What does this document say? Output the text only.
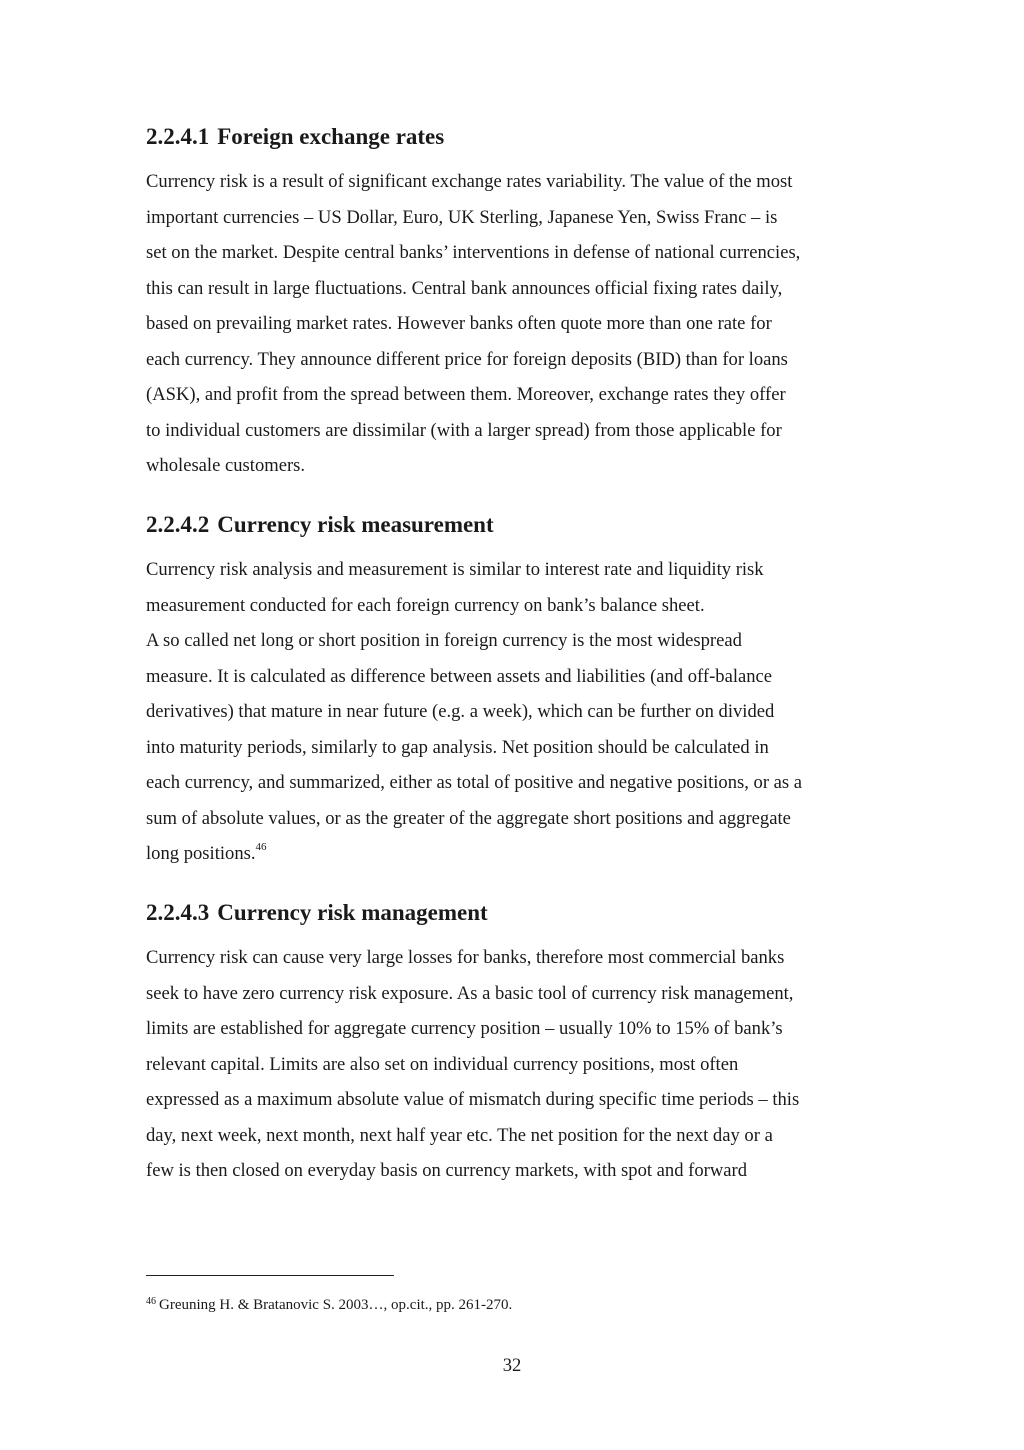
2.2.4.1 Foreign exchange rates

Currency risk is a result of significant exchange rates variability. The value of the most
important currencies – US Dollar, Euro, UK Sterling, Japanese Yen, Swiss Franc – is
set on the market. Despite central banks’ interventions in defense of national currencies,
this can result in large fluctuations. Central bank announces official fixing rates daily,
based on prevailing market rates. However banks often quote more than one rate for
each currency. They announce different price for foreign deposits (BID) than for loans
(ASK), and profit from the spread between them. Moreover, exchange rates they offer
to individual customers are dissimilar (with a larger spread) from those applicable for
wholesale customers.

2.2.4.2 Currency risk measurement

Currency risk analysis and measurement is similar to interest rate and liquidity risk
measurement conducted for each foreign currency on bank’s balance sheet.
A so called net long or short position in foreign currency is the most widespread
measure. It is calculated as difference between assets and liabilities (and off-balance
derivatives) that mature in near future (e.g. a week), which can be further on divided
into maturity periods, similarly to gap analysis. Net position should be calculated in
each currency, and summarized, either as total of positive and negative positions, or as a
sum of absolute values, or as the greater of the aggregate short positions and aggregate
long positions.$^{46}$

2.2.4.3 Currency risk management

Currency risk can cause very large losses for banks, therefore most commercial banks
seek to have zero currency risk exposure. As a basic tool of currency risk management,
limits are established for aggregate currency position – usually 10% to 15% of bank’s
relevant capital. Limits are also set on individual currency positions, most often
expressed as a maximum absolute value of mismatch during specific time periods – this
day, next week, next month, next half year etc. The net position for the next day or a
few is then closed on everyday basis on currency markets, with spot and forward

$^{46}$ Greuning H. & Bratanovic S. 2003…, op.cit., pp. 261-270.
32
